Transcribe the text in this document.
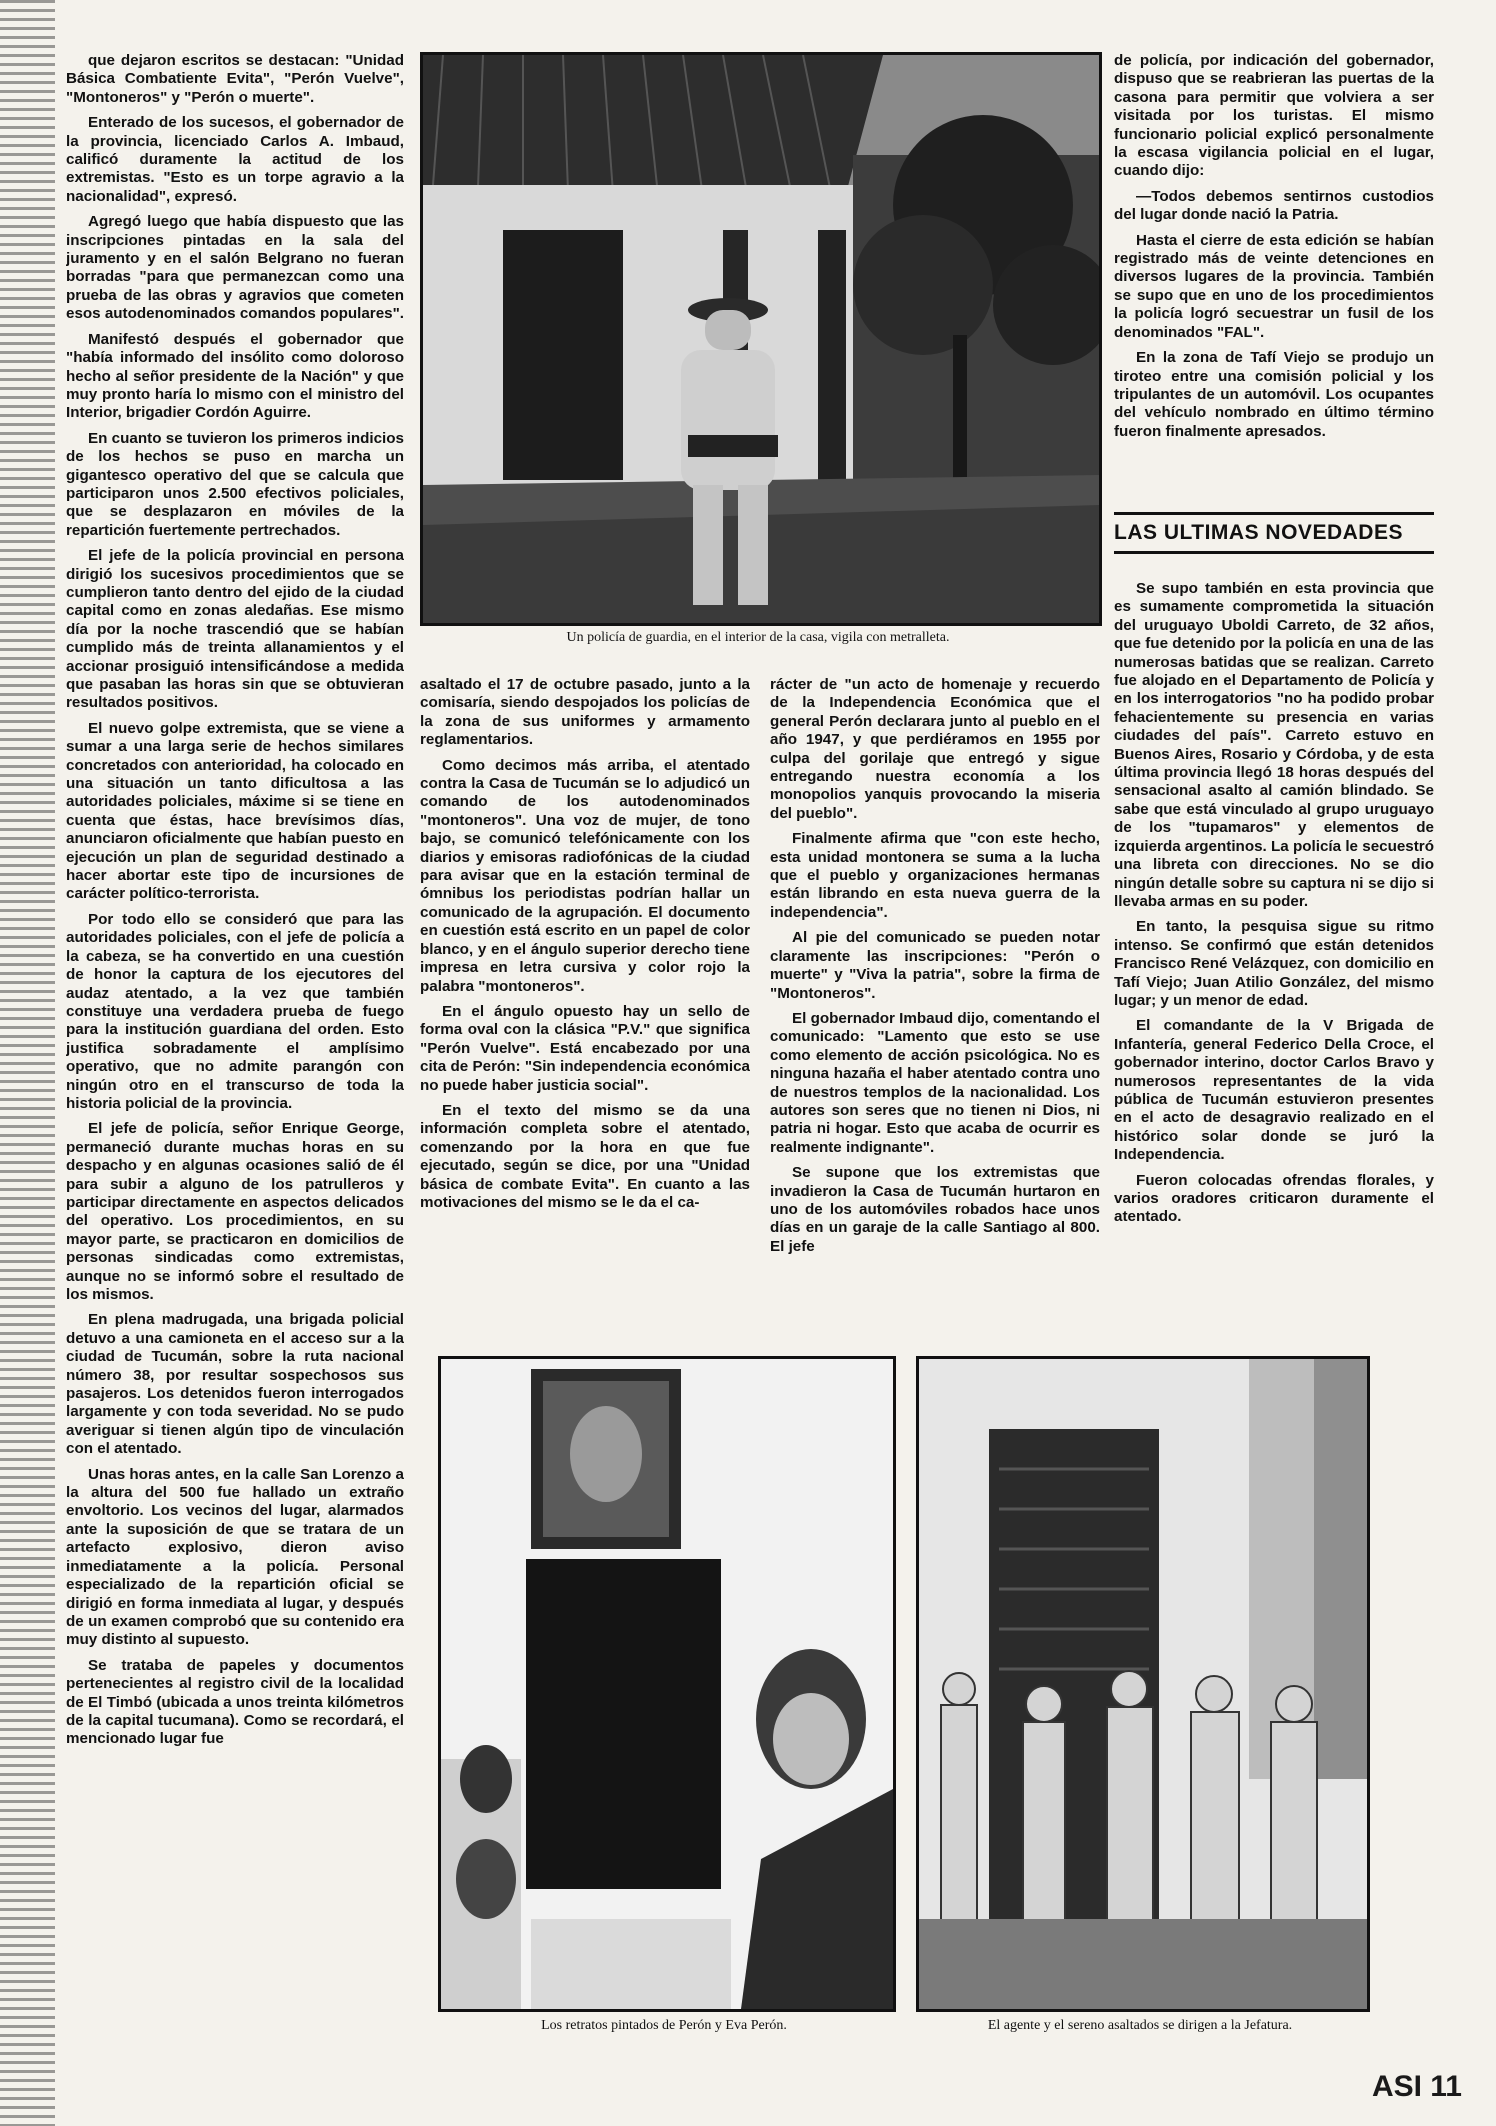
que dejaron escritos se destacan: "Unidad Básica Combatiente Evita", "Perón Vuelve", "Montoneros" y "Perón o muerte".

Enterado de los sucesos, el gobernador de la provincia, licenciado Carlos A. Imbaud, calificó duramente la actitud de los extremistas. "Esto es un torpe agravio a la nacionalidad", expresó.

Agregó luego que había dispuesto que las inscripciones pintadas en la sala del juramento y en el salón Belgrano no fueran borradas "para que permanezcan como una prueba de las obras y agravios que cometen esos autodenominados comandos populares".

Manifestó después el gobernador que "había informado del insólito como doloroso hecho al señor presidente de la Nación" y que muy pronto haría lo mismo con el ministro del Interior, brigadier Cordón Aguirre.

En cuanto se tuvieron los primeros indicios de los hechos se puso en marcha un gigantesco operativo del que se calcula que participaron unos 2.500 efectivos policiales, que se desplazaron en móviles de la repartición fuertemente pertrechados.

El jefe de la policía provincial en persona dirigió los sucesivos procedimientos que se cumplieron tanto dentro del ejido de la ciudad capital como en zonas aledañas. Ese mismo día por la noche trascendió que se habían cumplido más de treinta allanamientos y el accionar prosiguió intensificándose a medida que pasaban las horas sin que se obtuvieran resultados positivos.

El nuevo golpe extremista, que se viene a sumar a una larga serie de hechos similares concretados con anterioridad, ha colocado en una situación un tanto dificultosa a las autoridades policiales, máxime si se tiene en cuenta que éstas, hace brevísimos días, anunciaron oficialmente que habían puesto en ejecución un plan de seguridad destinado a hacer abortar este tipo de incursiones de carácter político-terrorista.

Por todo ello se consideró que para las autoridades policiales, con el jefe de policía a la cabeza, se ha convertido en una cuestión de honor la captura de los ejecutores del audaz atentado, a la vez que también constituye una verdadera prueba de fuego para la institución guardiana del orden. Esto justifica sobradamente el amplísimo operativo, que no admite parangón con ningún otro en el transcurso de toda la historia policial de la provincia.

El jefe de policía, señor Enrique George, permaneció durante muchas horas en su despacho y en algunas ocasiones salió de él para subir a alguno de los patrulleros y participar directamente en aspectos delicados del operativo. Los procedimientos, en su mayor parte, se practicaron en domicilios de personas sindicadas como extremistas, aunque no se informó sobre el resultado de los mismos.

En plena madrugada, una brigada policial detuvo a una camioneta en el acceso sur a la ciudad de Tucumán, sobre la ruta nacional número 38, por resultar sospechosos sus pasajeros. Los detenidos fueron interrogados largamente y con toda severidad. No se pudo averiguar si tienen algún tipo de vinculación con el atentado.

Unas horas antes, en la calle San Lorenzo a la altura del 500 fue hallado un extraño envoltorio. Los vecinos del lugar, alarmados ante la suposición de que se tratara de un artefacto explosivo, dieron aviso inmediatamente a la policía. Personal especializado de la repartición oficial se dirigió en forma inmediata al lugar, y después de un examen comprobó que su contenido era muy distinto al supuesto.

Se trataba de papeles y documentos pertenecientes al registro civil de la localidad de El Timbó (ubicada a unos treinta kilómetros de la capital tucumana). Como se recordará, el mencionado lugar fue

Un policía de guardia, en el interior de la casa, vigila con metralleta.

asaltado el 17 de octubre pasado, junto a la comisaría, siendo despojados los policías de la zona de sus uniformes y armamento reglamentarios.

Como decimos más arriba, el atentado contra la Casa de Tucumán se lo adjudicó un comando de los autodenominados "montoneros". Una voz de mujer, de tono bajo, se comunicó telefónicamente con los diarios y emisoras radiofónicas de la ciudad para avisar que en la estación terminal de ómnibus los periodistas podrían hallar un comunicado de la agrupación. El documento en cuestión está escrito en un papel de color blanco, y en el ángulo superior derecho tiene impresa en letra cursiva y color rojo la palabra "montoneros".

En el ángulo opuesto hay un sello de forma oval con la clásica "P.V." que significa "Perón Vuelve". Está encabezado por una cita de Perón: "Sin independencia económica no puede haber justicia social".

En el texto del mismo se da una información completa sobre el atentado, comenzando por la hora en que fue ejecutado, según se dice, por una "Unidad básica de combate Evita". En cuanto a las motivaciones del mismo se le da el ca-

rácter de "un acto de homenaje y recuerdo de la Independencia Económica que el general Perón declarara junto al pueblo en el año 1947, y que perdiéramos en 1955 por culpa del gorilaje que entregó y sigue entregando nuestra economía a los monopolios yanquis provocando la miseria del pueblo".

Finalmente afirma que "con este hecho, esta unidad montonera se suma a la lucha que el pueblo y organizaciones hermanas están librando en esta nueva guerra de la independencia".

Al pie del comunicado se pueden notar claramente las inscripciones: "Perón o muerte" y "Viva la patria", sobre la firma de "Montoneros".

El gobernador Imbaud dijo, comentando el comunicado: "Lamento que esto se use como elemento de acción psicológica. No es ninguna hazaña el haber atentado contra uno de nuestros templos de la nacionalidad. Los autores son seres que no tienen ni Dios, ni patria ni hogar. Esto que acaba de ocurrir es realmente indignante".

Se supone que los extremistas que invadieron la Casa de Tucumán hurtaron en uno de los automóviles robados hace unos días en un garaje de la calle Santiago al 800. El jefe

de policía, por indicación del gobernador, dispuso que se reabrieran las puertas de la casona para permitir que volviera a ser visitada por los turistas. El mismo funcionario policial explicó personalmente la escasa vigilancia policial en el lugar, cuando dijo:

—Todos debemos sentirnos custodios del lugar donde nació la Patria.

Hasta el cierre de esta edición se habían registrado más de veinte detenciones en diversos lugares de la provincia. También se supo que en uno de los procedimientos la policía logró secuestrar un fusil de los denominados "FAL".

En la zona de Tafí Viejo se produjo un tiroteo entre una comisión policial y los tripulantes de un automóvil. Los ocupantes del vehículo nombrado en último término fueron finalmente apresados.

LAS ULTIMAS NOVEDADES

Se supo también en esta provincia que es sumamente comprometida la situación del uruguayo Uboldi Carreto, de 32 años, que fue detenido por la policía en una de las numerosas batidas que se realizan. Carreto fue alojado en el Departamento de Policía y en los interrogatorios "no ha podido probar fehacientemente su presencia en varias ciudades del país". Carreto estuvo en Buenos Aires, Rosario y Córdoba, y de esta última provincia llegó 18 horas después del sensacional asalto al camión blindado. Se sabe que está vinculado al grupo uruguayo de los "tupamaros" y elementos de izquierda argentinos. La policía le secuestró una libreta con direcciones. No se dio ningún detalle sobre su captura ni se dijo si llevaba armas en su poder.

En tanto, la pesquisa sigue su ritmo intenso. Se confirmó que están detenidos Francisco René Velázquez, con domicilio en Tafí Viejo; Juan Atilio González, del mismo lugar; y un menor de edad.

El comandante de la V Brigada de Infantería, general Federico Della Croce, el gobernador interino, doctor Carlos Bravo y numerosos representantes de la vida pública de Tucumán estuvieron presentes en el acto de desagravio realizado en el histórico solar donde se juró la Independencia.

Fueron colocadas ofrendas florales, y varios oradores criticaron duramente el atentado.

Los retratos pintados de Perón y Eva Perón.	El agente y el sereno asaltados se dirigen a la Jefatura.
ASI 11
